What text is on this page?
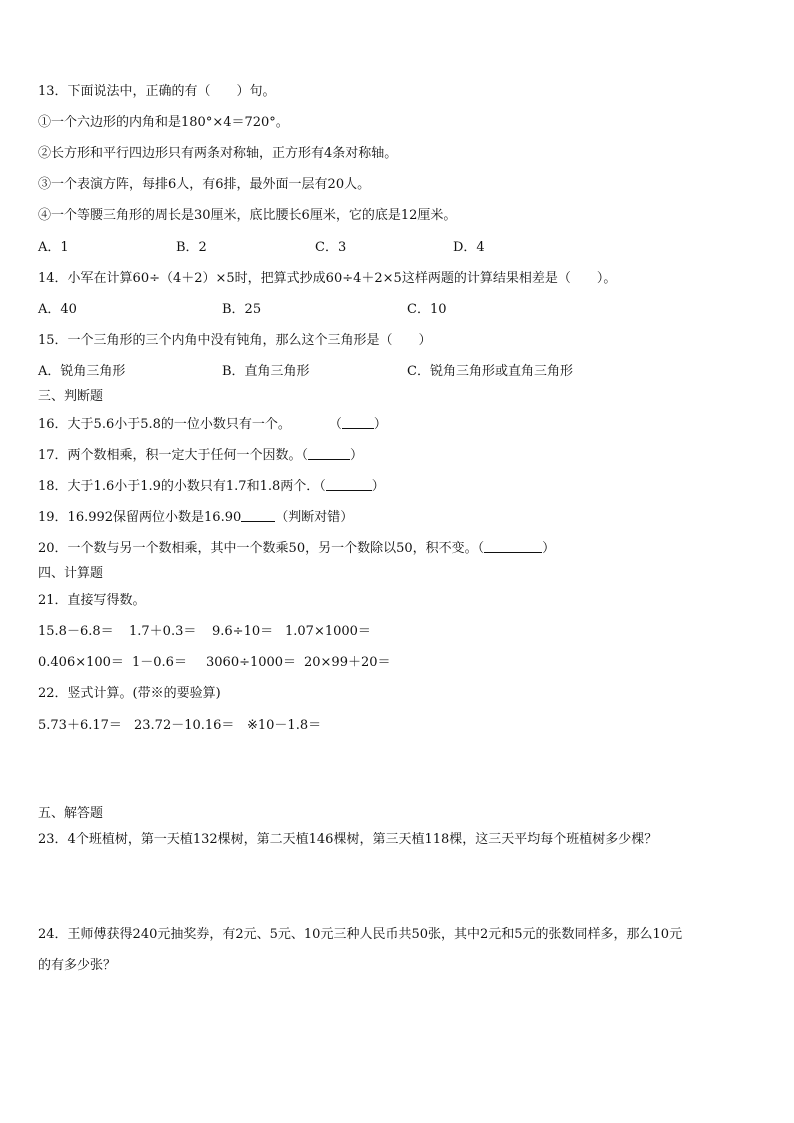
13．下面说法中，正确的有（　　）句。

①一个六边形的内角和是180°×4＝720°。

②长方形和平行四边形只有两条对称轴，正方形有4条对称轴。

③一个表演方阵，每排6人，有6排，最外面一层有20人。

④一个等腰三角形的周长是30厘米，底比腰长6厘米，它的底是12厘米。

A．1	B．2	C．3	D．4

14．小军在计算60÷（4＋2）×5时，把算式抄成60÷4＋2×5这样两题的计算结果相差是（　　）。

A．40	B．25	C．10

15．一个三角形的三个内角中没有钝角，那么这个三角形是（　　）

A．锐角三角形	B．直角三角形	C．锐角三角形或直角三角形

三、判断题

16．大于5.6小于5.8的一位小数只有一个。	（ ）

17．两个数相乘，积一定大于任何一个因数。（	）

18．大于1.6小于1.9的小数只有1.7和1.8两个．（	）

19．16.992保留两位小数是16.90	（判断对错）

20．一个数与另一个数相乘，其中一个数乘50，另一个数除以50，积不变。（	）

四、计算题

21．直接写得数。

15.8－6.8＝ 1.7＋0.3＝ 9.6÷10＝ 1.07×1000＝
0.406×100＝ 1－0.6＝ 3060÷1000＝ 20×99＋20＝

22．竖式计算。(带※的要验算)

5.73＋6.17＝ 23.72－10.16＝ ※10－1.8＝

五、解答题

23．4个班植树，第一天植132棵树，第二天植146棵树，第三天植118棵，这三天平均每个班植树多少棵？

24．王师傅获得240元抽奖券，有2元、5元、10元三种人民币共50张，其中2元和5元的张数同样多，那么10元

的有多少张？
